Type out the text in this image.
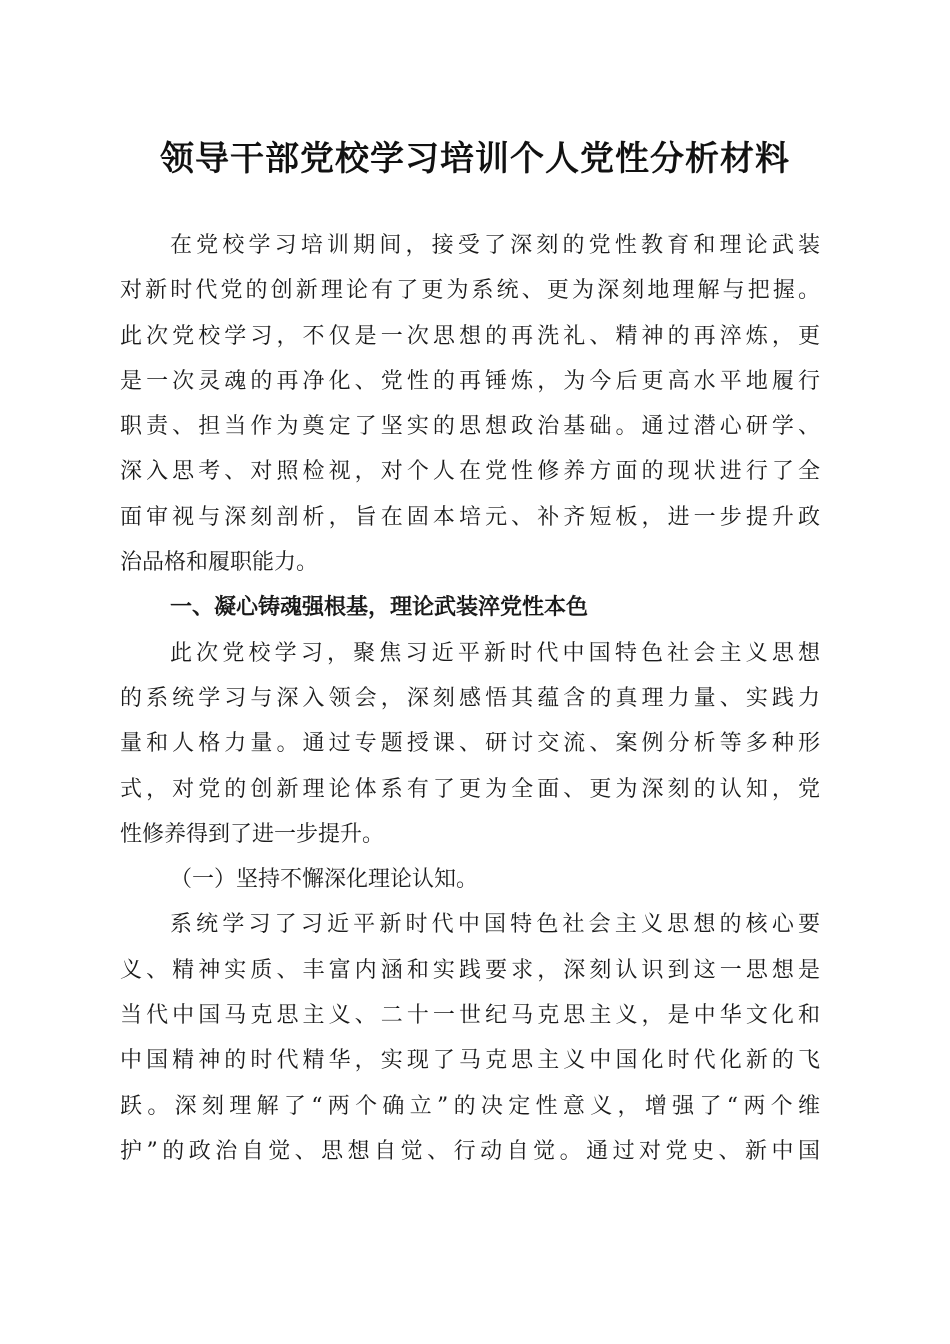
领导干部党校学习培训个人党性分析材料
在党校学习培训期间，接受了深刻的党性教育和理论武装
对新时代党的创新理论有了更为系统、更为深刻地理解与把握。
此次党校学习，不仅是一次思想的再洗礼、精神的再淬炼，更
是一次灵魂的再净化、党性的再锤炼，为今后更高水平地履行
职责、担当作为奠定了坚实的思想政治基础。通过潜心研学、
深入思考、对照检视，对个人在党性修养方面的现状进行了全
面审视与深刻剖析，旨在固本培元、补齐短板，进一步提升政
治品格和履职能力。
一、凝心铸魂强根基，理论武装淬党性本色
此次党校学习，聚焦习近平新时代中国特色社会主义思想
的系统学习与深入领会，深刻感悟其蕴含的真理力量、实践力
量和人格力量。通过专题授课、研讨交流、案例分析等多种形
式，对党的创新理论体系有了更为全面、更为深刻的认知，党
性修养得到了进一步提升。
（一）坚持不懈深化理论认知。
系统学习了习近平新时代中国特色社会主义思想的核心要
义、精神实质、丰富内涵和实践要求，深刻认识到这一思想是
当代中国马克思主义、二十一世纪马克思主义，是中华文化和
中国精神的时代精华，实现了马克思主义中国化时代化新的飞
跃。深刻理解了“两个确立”的决定性意义，增强了“两个维
护”的政治自觉、思想自觉、行动自觉。通过对党史、新中国
